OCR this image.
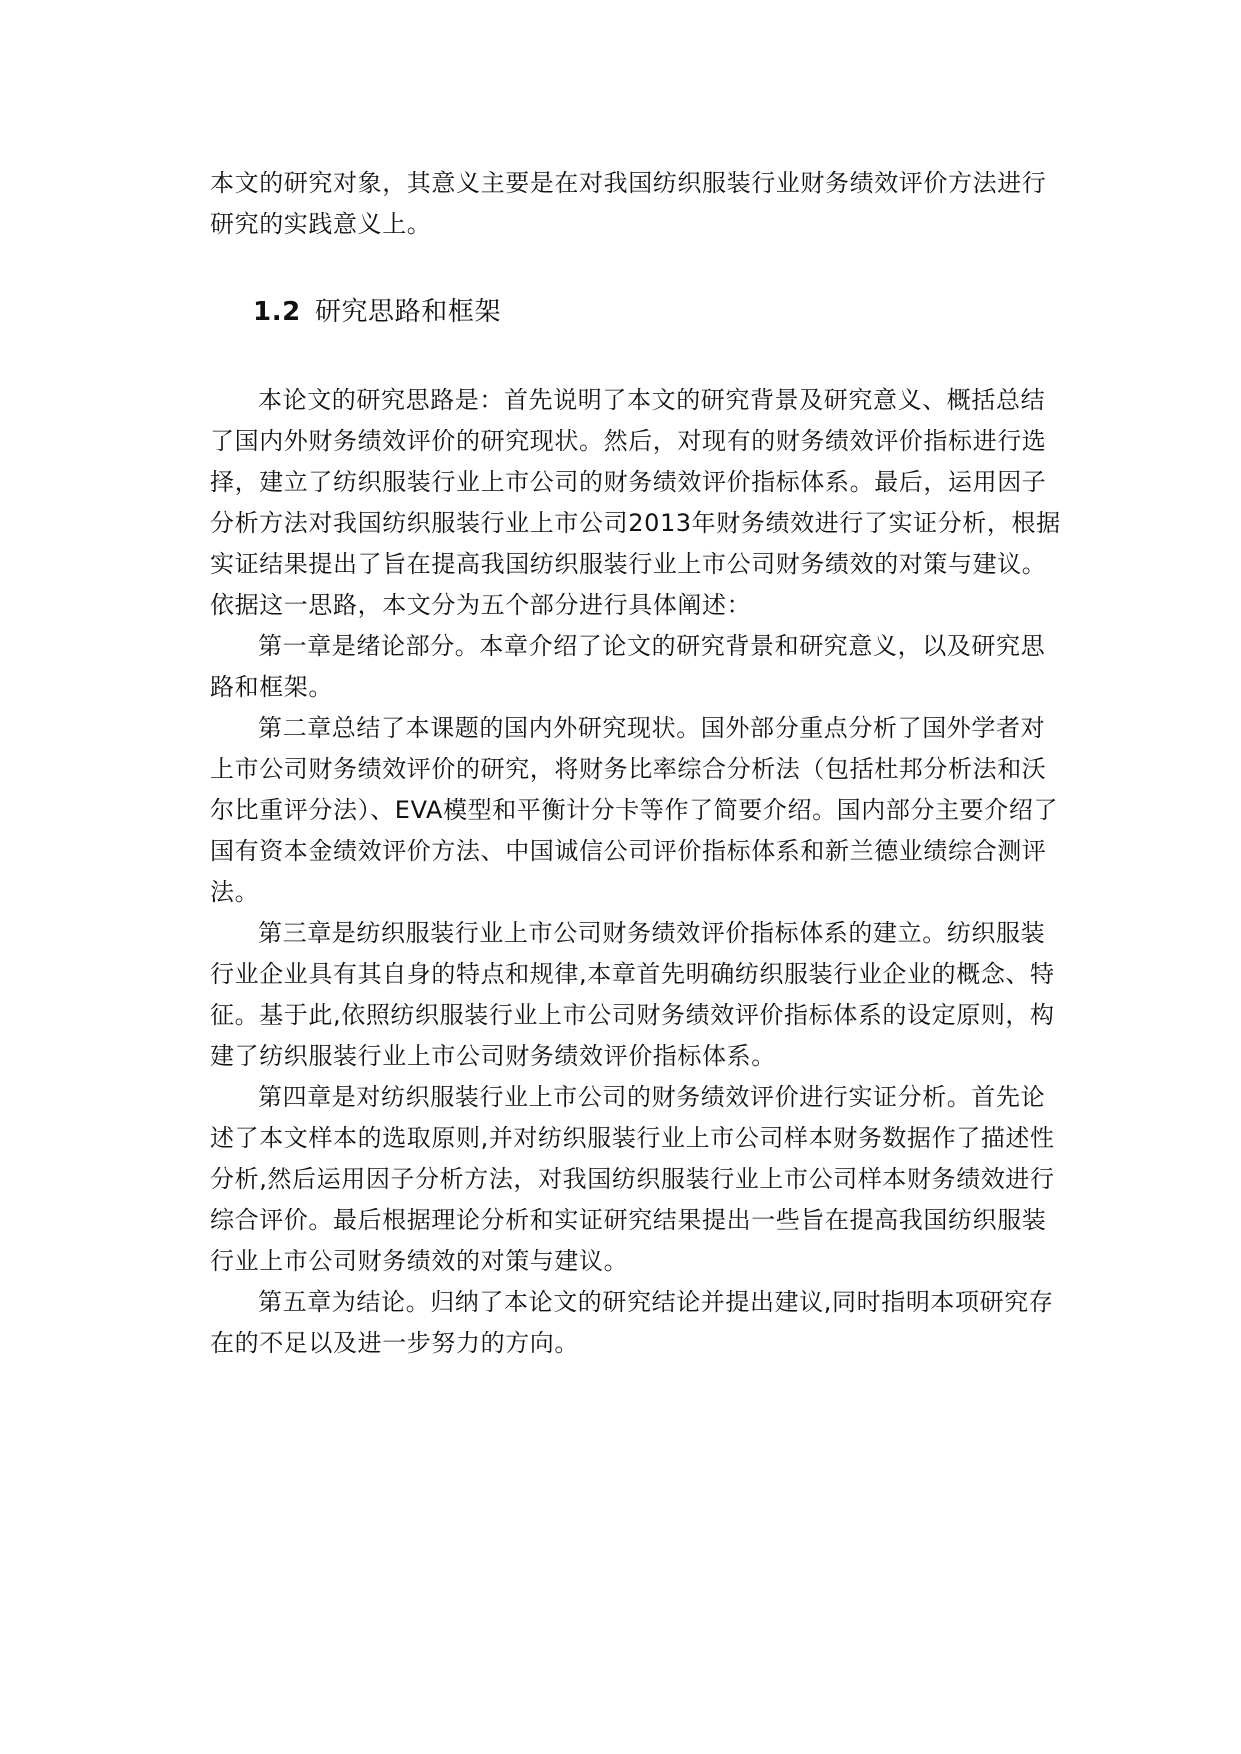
本文的研究对象，其意义主要是在对我国纺织服装行业财务绩效评价方法进行
研究的实践意义上。
1.2 研究思路和框架
本论文的研究思路是：首先说明了本文的研究背景及研究意义、概括总结
了国内外财务绩效评价的研究现状。然后，对现有的财务绩效评价指标进行选
择，建立了纺织服装行业上市公司的财务绩效评价指标体系。最后，运用因子
分析方法对我国纺织服装行业上市公司2013年财务绩效进行了实证分析，根据
实证结果提出了旨在提高我国纺织服装行业上市公司财务绩效的对策与建议。
依据这一思路，本文分为五个部分进行具体阐述：
第一章是绪论部分。本章介绍了论文的研究背景和研究意义，以及研究思
路和框架。
第二章总结了本课题的国内外研究现状。国外部分重点分析了国外学者对
上市公司财务绩效评价的研究，将财务比率综合分析法（包括杜邦分析法和沃
尔比重评分法）、EVA模型和平衡计分卡等作了简要介绍。国内部分主要介绍了
国有资本金绩效评价方法、中国诚信公司评价指标体系和新兰德业绩综合测评
法。
第三章是纺织服装行业上市公司财务绩效评价指标体系的建立。纺织服装
行业企业具有其自身的特点和规律,本章首先明确纺织服装行业企业的概念、特
征。基于此,依照纺织服装行业上市公司财务绩效评价指标体系的设定原则，构
建了纺织服装行业上市公司财务绩效评价指标体系。
第四章是对纺织服装行业上市公司的财务绩效评价进行实证分析。首先论
述了本文样本的选取原则,并对纺织服装行业上市公司样本财务数据作了描述性
分析,然后运用因子分析方法，对我国纺织服装行业上市公司样本财务绩效进行
综合评价。最后根据理论分析和实证研究结果提出一些旨在提高我国纺织服装
行业上市公司财务绩效的对策与建议。
第五章为结论。归纳了本论文的研究结论并提出建议,同时指明本项研究存
在的不足以及进一步努力的方向。
